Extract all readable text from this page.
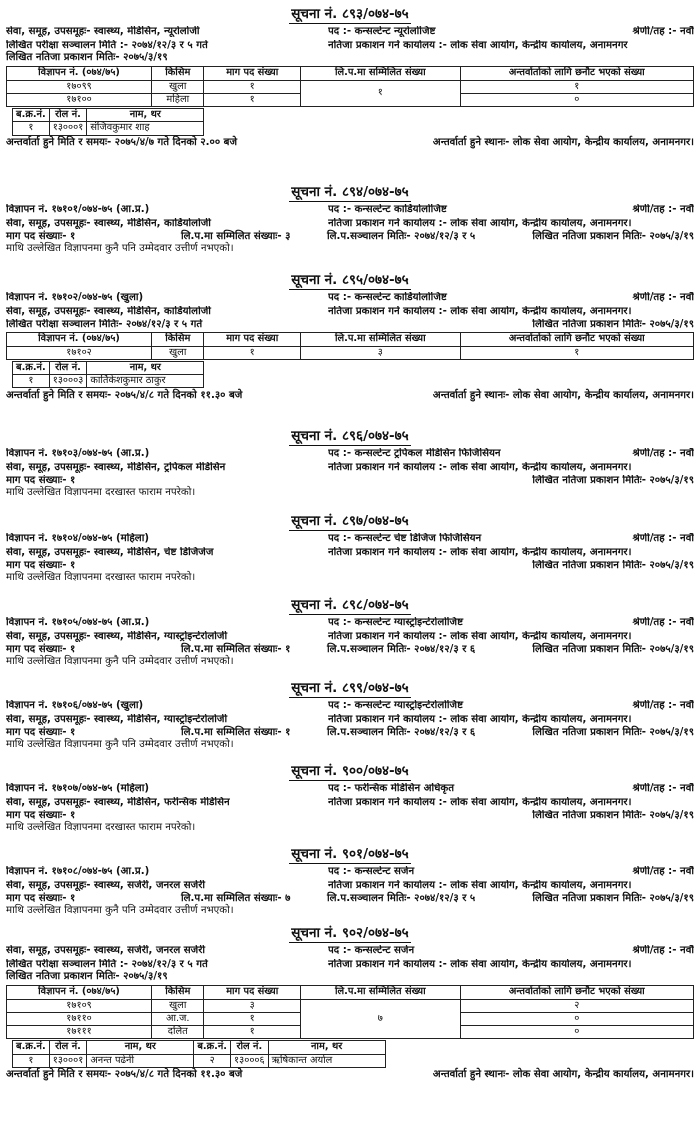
सूचना नं. ८९३/०७४-७५
सेवा, समूह, उपसमूहः- स्वास्थ्य, मेडिसिन, न्यूरोलोजी	पद :- कन्सल्टेन्ट न्यूरोलोजिष्ट	श्रेणी/तह :- नवौं
लिखित परीक्षा सञ्चालन मिति :- २०७४/१२/३ र ५ गते	नतिजा प्रकाशन गर्ने कार्यालय :- लोक सेवा आयोग, केन्द्रीय कार्यालय, अनामनगर
लिखित नतिजा प्रकाशन मितिः- २०७५/३/१९
विज्ञापन नं. (०७४/७५)	किसिम	माग पद संख्या	लि.प.मा सम्मिलित संख्या	अन्तर्वार्ताको लागि छनौट भएको संख्या
१७०९९	खुला	१	१	१
१७१००	महिला	१		०
ब.क्र.नं.	रोल नं.	नाम, थर
१	१३०००१	संजिवकुमार शाह
अन्तर्वार्ता हुने मिति र समयः- २०७५/४/७ गते दिनको २.०० बजे	अन्तर्वार्ता हुने स्थानः- लोक सेवा आयोग, केन्द्रीय कार्यालय, अनामनगर।
सूचना नं. ८९४/०७४-७५
विज्ञापन नं. १७१०१/०७४-७५ (आ.प्र.)	पद :- कन्सल्टेन्ट कार्डियोलोजिष्ट	श्रेणी/तह :- नवौं
सेवा, समूह, उपसमूहः- स्वास्थ्य, मेडिसिन, कार्डियोलोजी	नतिजा प्रकाशन गर्ने कार्यालय :- लोक सेवा आयोग, केन्द्रीय कार्यालय, अनामनगर।
माग पद संख्याः- १	लि.प.मा सम्मिलित संख्याः- ३	लि.प.सञ्चालन मितिः- २०७४/१२/३ र ५	लिखित नतिजा प्रकाशन मितिः- २०७५/३/१९
माथि उल्लेखित विज्ञापनमा कुनै पनि उम्मेदवार उत्तीर्ण नभएको।
सूचना नं. ८९५/०७४-७५
विज्ञापन नं. १७१०२/०७४-७५ (खुला)	पद :- कन्सल्टेन्ट कार्डियोलोजिष्ट	श्रेणी/तह :- नवौं
सेवा, समूह, उपसमूहः- स्वास्थ्य, मेडिसिन, कार्डियोलोजी	नतिजा प्रकाशन गर्ने कार्यालय :- लोक सेवा आयोग, केन्द्रीय कार्यालय, अनामनगर।
लिखित परीक्षा सञ्चालन मितिः- २०७४/१२/३ र ५ गते	लिखित नतिजा प्रकाशन मितिः- २०७५/३/१९
विज्ञापन नं. (०७४/७५)	किसिम	माग पद संख्या	लि.प.मा सम्मिलित संख्या	अन्तर्वार्ताको लागि छनौट भएको संख्या
१७१०२	खुला	१	३	१
ब.क्र.नं.	रोल नं.	नाम, थर
१	१३०००३	कार्तिकेशकुमार ठाकुर
अन्तर्वार्ता हुने मिति र समयः- २०७५/४/८ गते दिनको ११.३० बजे	अन्तर्वार्ता हुने स्थानः- लोक सेवा आयोग, केन्द्रीय कार्यालय, अनामनगर।
सूचना नं. ८९६/०७४-७५
विज्ञापन नं. १७१०३/०७४-७५ (आ.प्र.)	पद :- कन्सल्टेन्ट ट्रपिकल मेडिसिन फिजिसियन	श्रेणी/तह :- नवौं
सेवा, समूह, उपसमूहः- स्वास्थ्य, मेडिसिन, ट्रपिकल मेडिसिन	नतिजा प्रकाशन गर्ने कार्यालय :- लोक सेवा आयोग, केन्द्रीय कार्यालय, अनामनगर।
माग पद संख्याः- १	लिखित नतिजा प्रकाशन मितिः- २०७५/३/१९
माथि उल्लेखित विज्ञापनमा दरखास्त फाराम नपरेको।
सूचना नं. ८९७/०७४-७५
विज्ञापन नं. १७१०४/०७४-७५ (महिला)	पद :- कन्सल्टेन्ट चेष्ट डिजिज फिजिसियन	श्रेणी/तह :- नवौं
सेवा, समूह, उपसमूहः- स्वास्थ्य, मेडिसिन, चेष्ट डिजिजेज	नतिजा प्रकाशन गर्ने कार्यालय :- लोक सेवा आयोग, केन्द्रीय कार्यालय, अनामनगर।
माग पद संख्याः- १	लिखित नतिजा प्रकाशन मितिः- २०७५/३/१९
माथि उल्लेखित विज्ञापनमा दरखास्त फाराम नपरेको।
सूचना नं. ८९८/०७४-७५
विज्ञापन नं. १७१०५/०७४-७५ (आ.प्र.)	पद :- कन्सल्टेन्ट ग्यास्ट्रोइन्टेरोलोजिष्ट	श्रेणी/तह :- नवौं
सेवा, समूह, उपसमूहः- स्वास्थ्य, मेडिसिन, ग्यास्ट्रोइन्टेरोलोजी	नतिजा प्रकाशन गर्ने कार्यालय :- लोक सेवा आयोग, केन्द्रीय कार्यालय, अनामनगर।
माग पद संख्याः- १	लि.प.मा सम्मिलित संख्याः- १	लि.प.सञ्चालन मितिः- २०७४/१२/३ र ६	लिखित नतिजा प्रकाशन मितिः- २०७५/३/१९
माथि उल्लेखित विज्ञापनमा कुनै पनि उम्मेदवार उत्तीर्ण नभएको।
सूचना नं. ८९९/०७४-७५
विज्ञापन नं. १७१०६/०७४-७५ (खुला)	पद :- कन्सल्टेन्ट ग्यास्ट्रोइन्टेरोलोजिष्ट	श्रेणी/तह :- नवौं
सेवा, समूह, उपसमूहः- स्वास्थ्य, मेडिसिन, ग्यास्ट्रोइन्टेरोलोजी	नतिजा प्रकाशन गर्ने कार्यालय :- लोक सेवा आयोग, केन्द्रीय कार्यालय, अनामनगर।
माग पद संख्याः- १	लि.प.मा सम्मिलित संख्याः- १	लि.प.सञ्चालन मितिः- २०७४/१२/३ र ६	लिखित नतिजा प्रकाशन मितिः- २०७५/३/१९
माथि उल्लेखित विज्ञापनमा कुनै पनि उम्मेदवार उत्तीर्ण नभएको।
सूचना नं. ९००/०७४-७५
विज्ञापन नं. १७१०७/०७४-७५ (महिला)	पद :- फरेन्सिक मेडिसिन अधिकृत	श्रेणी/तह :- नवौं
सेवा, समूह, उपसमूहः- स्वास्थ्य, मेडिसिन, फरेन्सिक मेडिसिन	नतिजा प्रकाशन गर्ने कार्यालय :- लोक सेवा आयोग, केन्द्रीय कार्यालय, अनामनगर।
माग पद संख्याः- १	लिखित नतिजा प्रकाशन मितिः- २०७५/३/१९
माथि उल्लेखित विज्ञापनमा दरखास्त फाराम नपरेको।
सूचना नं. ९०१/०७४-७५
विज्ञापन नं. १७१०८/०७४-७५ (आ.प्र.)	पद :- कन्सल्टेन्ट सर्जन	श्रेणी/तह :- नवौं
सेवा, समूह, उपसमूहः- स्वास्थ्य, सर्जरी, जनरल सर्जरी	नतिजा प्रकाशन गर्ने कार्यालय :- लोक सेवा आयोग, केन्द्रीय कार्यालय, अनामनगर।
माग पद संख्याः- १	लि.प.मा सम्मिलित संख्याः- ७	लि.प.सञ्चालन मितिः- २०७४/१२/३ र ५	लिखित नतिजा प्रकाशन मितिः- २०७५/३/१९
माथि उल्लेखित विज्ञापनमा कुनै पनि उम्मेदवार उत्तीर्ण नभएको।
सूचना नं. ९०२/०७४-७५
सेवा, समूह, उपसमूहः- स्वास्थ्य, सर्जरी, जनरल सर्जरी	पद :- कन्सल्टेन्ट सर्जन	श्रेणी/तह :- नवौं
लिखित परीक्षा सञ्चालन मिति :- २०७४/१२/३ र ५ गते	नतिजा प्रकाशन गर्ने कार्यालय :- लोक सेवा आयोग, केन्द्रीय कार्यालय, अनामनगर।
लिखित नतिजा प्रकाशन मितिः- २०७५/३/१९
विज्ञापन नं. (०७४/७५)	किसिम	माग पद संख्या	लि.प.मा सम्मिलित संख्या	अन्तर्वार्ताको लागि छनौट भएको संख्या
१७१०९	खुला	३	७	२
१७११०	आ.ज.	१		०
१७१११	दलित	१		०
ब.क्र.नं.	रोल नं.	नाम, थर	ब.क्र.नं.	रोल नं.	नाम, थर
१	१३०००१	अनन्त पढेनी	२	१३०००६	ऋषिकान्त अर्याल
अन्तर्वार्ता हुने मिति र समयः- २०७५/४/८ गते दिनको ११.३० बजे	अन्तर्वार्ता हुने स्थानः- लोक सेवा आयोग, केन्द्रीय कार्यालय, अनामनगर।
